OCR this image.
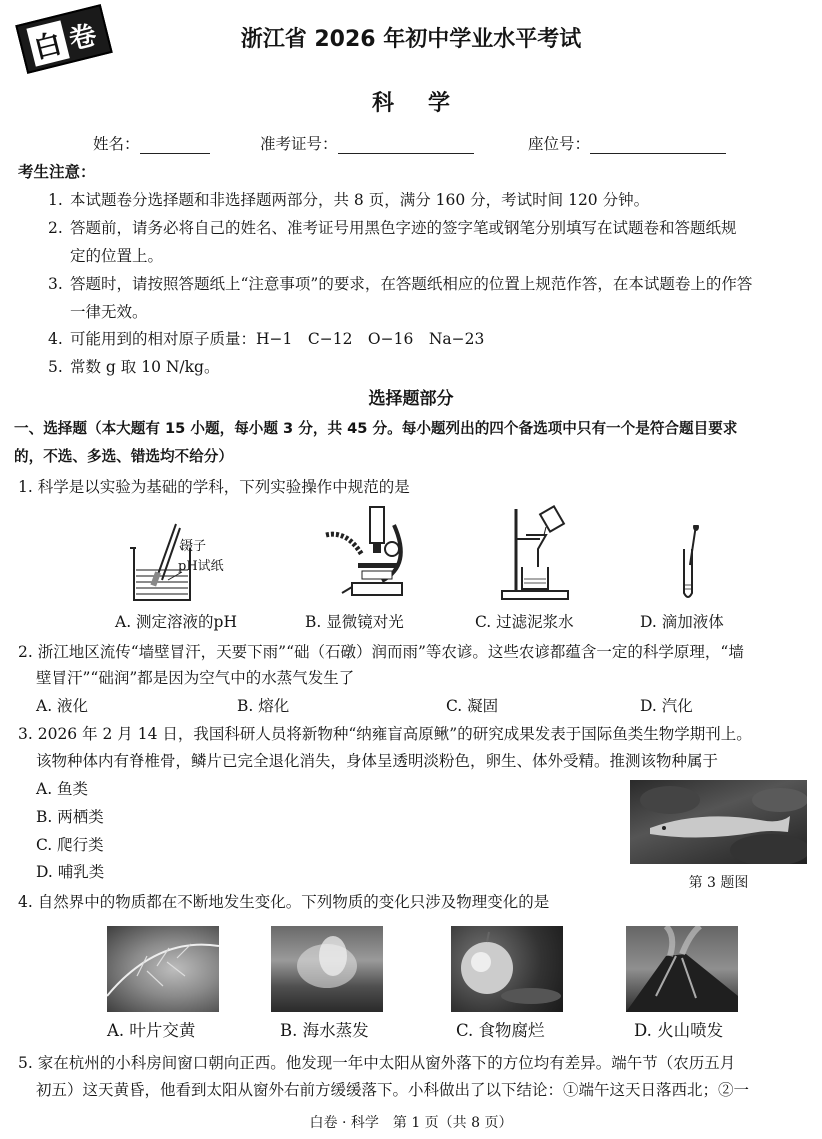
白 卷	浙江省 2026 年初中学业水平考试
科学
姓名：	准考证号：	座位号：
考生注意：
1. 本试题卷分选择题和非选择题两部分，共 8 页，满分 160 分，考试时间 120 分钟。
2. 答题前，请务必将自己的姓名、准考证号用黑色字迹的签字笔或钢笔分别填写在试题卷和答题纸规
定的位置上。
3. 答题时，请按照答题纸上“注意事项”的要求，在答题纸相应的位置上规范作答，在本试题卷上的作答
一律无效。
4. 可能用到的相对原子质量：H−1　C−12　O−16　Na−23
5. 常数 g 取 10 N/kg。
选择题部分
一、选择题（本大题有 15 小题，每小题 3 分，共 45 分。每小题列出的四个备选项中只有一个是符合题目要求
的，不选、多选、错选均不给分）
1. 科学是以实验为基础的学科，下列实验操作中规范的是
镊子
pH试纸
A. 测定溶液的pH	B. 显微镜对光	C. 过滤泥浆水	D. 滴加液体
2. 浙江地区流传“墙壁冒汗，天要下雨”“础（石礅）润而雨”等农谚。这些农谚都蕴含一定的科学原理，“墙
壁冒汗”“础润”都是因为空气中的水蒸气发生了
A. 液化	B. 熔化	C. 凝固	D. 汽化
3. 2026 年 2 月 14 日，我国科研人员将新物种“纳雍盲高原鳅”的研究成果发表于国际鱼类生物学期刊上。
该物种体内有脊椎骨，鳞片已完全退化消失，身体呈透明淡粉色，卵生、体外受精。推测该物种属于
A. 鱼类
B. 两栖类
C. 爬行类
D. 哺乳类
第 3 题图
4. 自然界中的物质都在不断地发生变化。下列物质的变化只涉及物理变化的是
A. 叶片交黄	B. 海水蒸发	C. 食物腐烂	D. 火山喷发
5. 家在杭州的小科房间窗口朝向正西。他发现一年中太阳从窗外落下的方位均有差异。端午节（农历五月
初五）这天黄昏，他看到太阳从窗外右前方缓缓落下。小科做出了以下结论：①端午这天日落西北；②一
白卷 · 科学　第 1 页（共 8 页）
